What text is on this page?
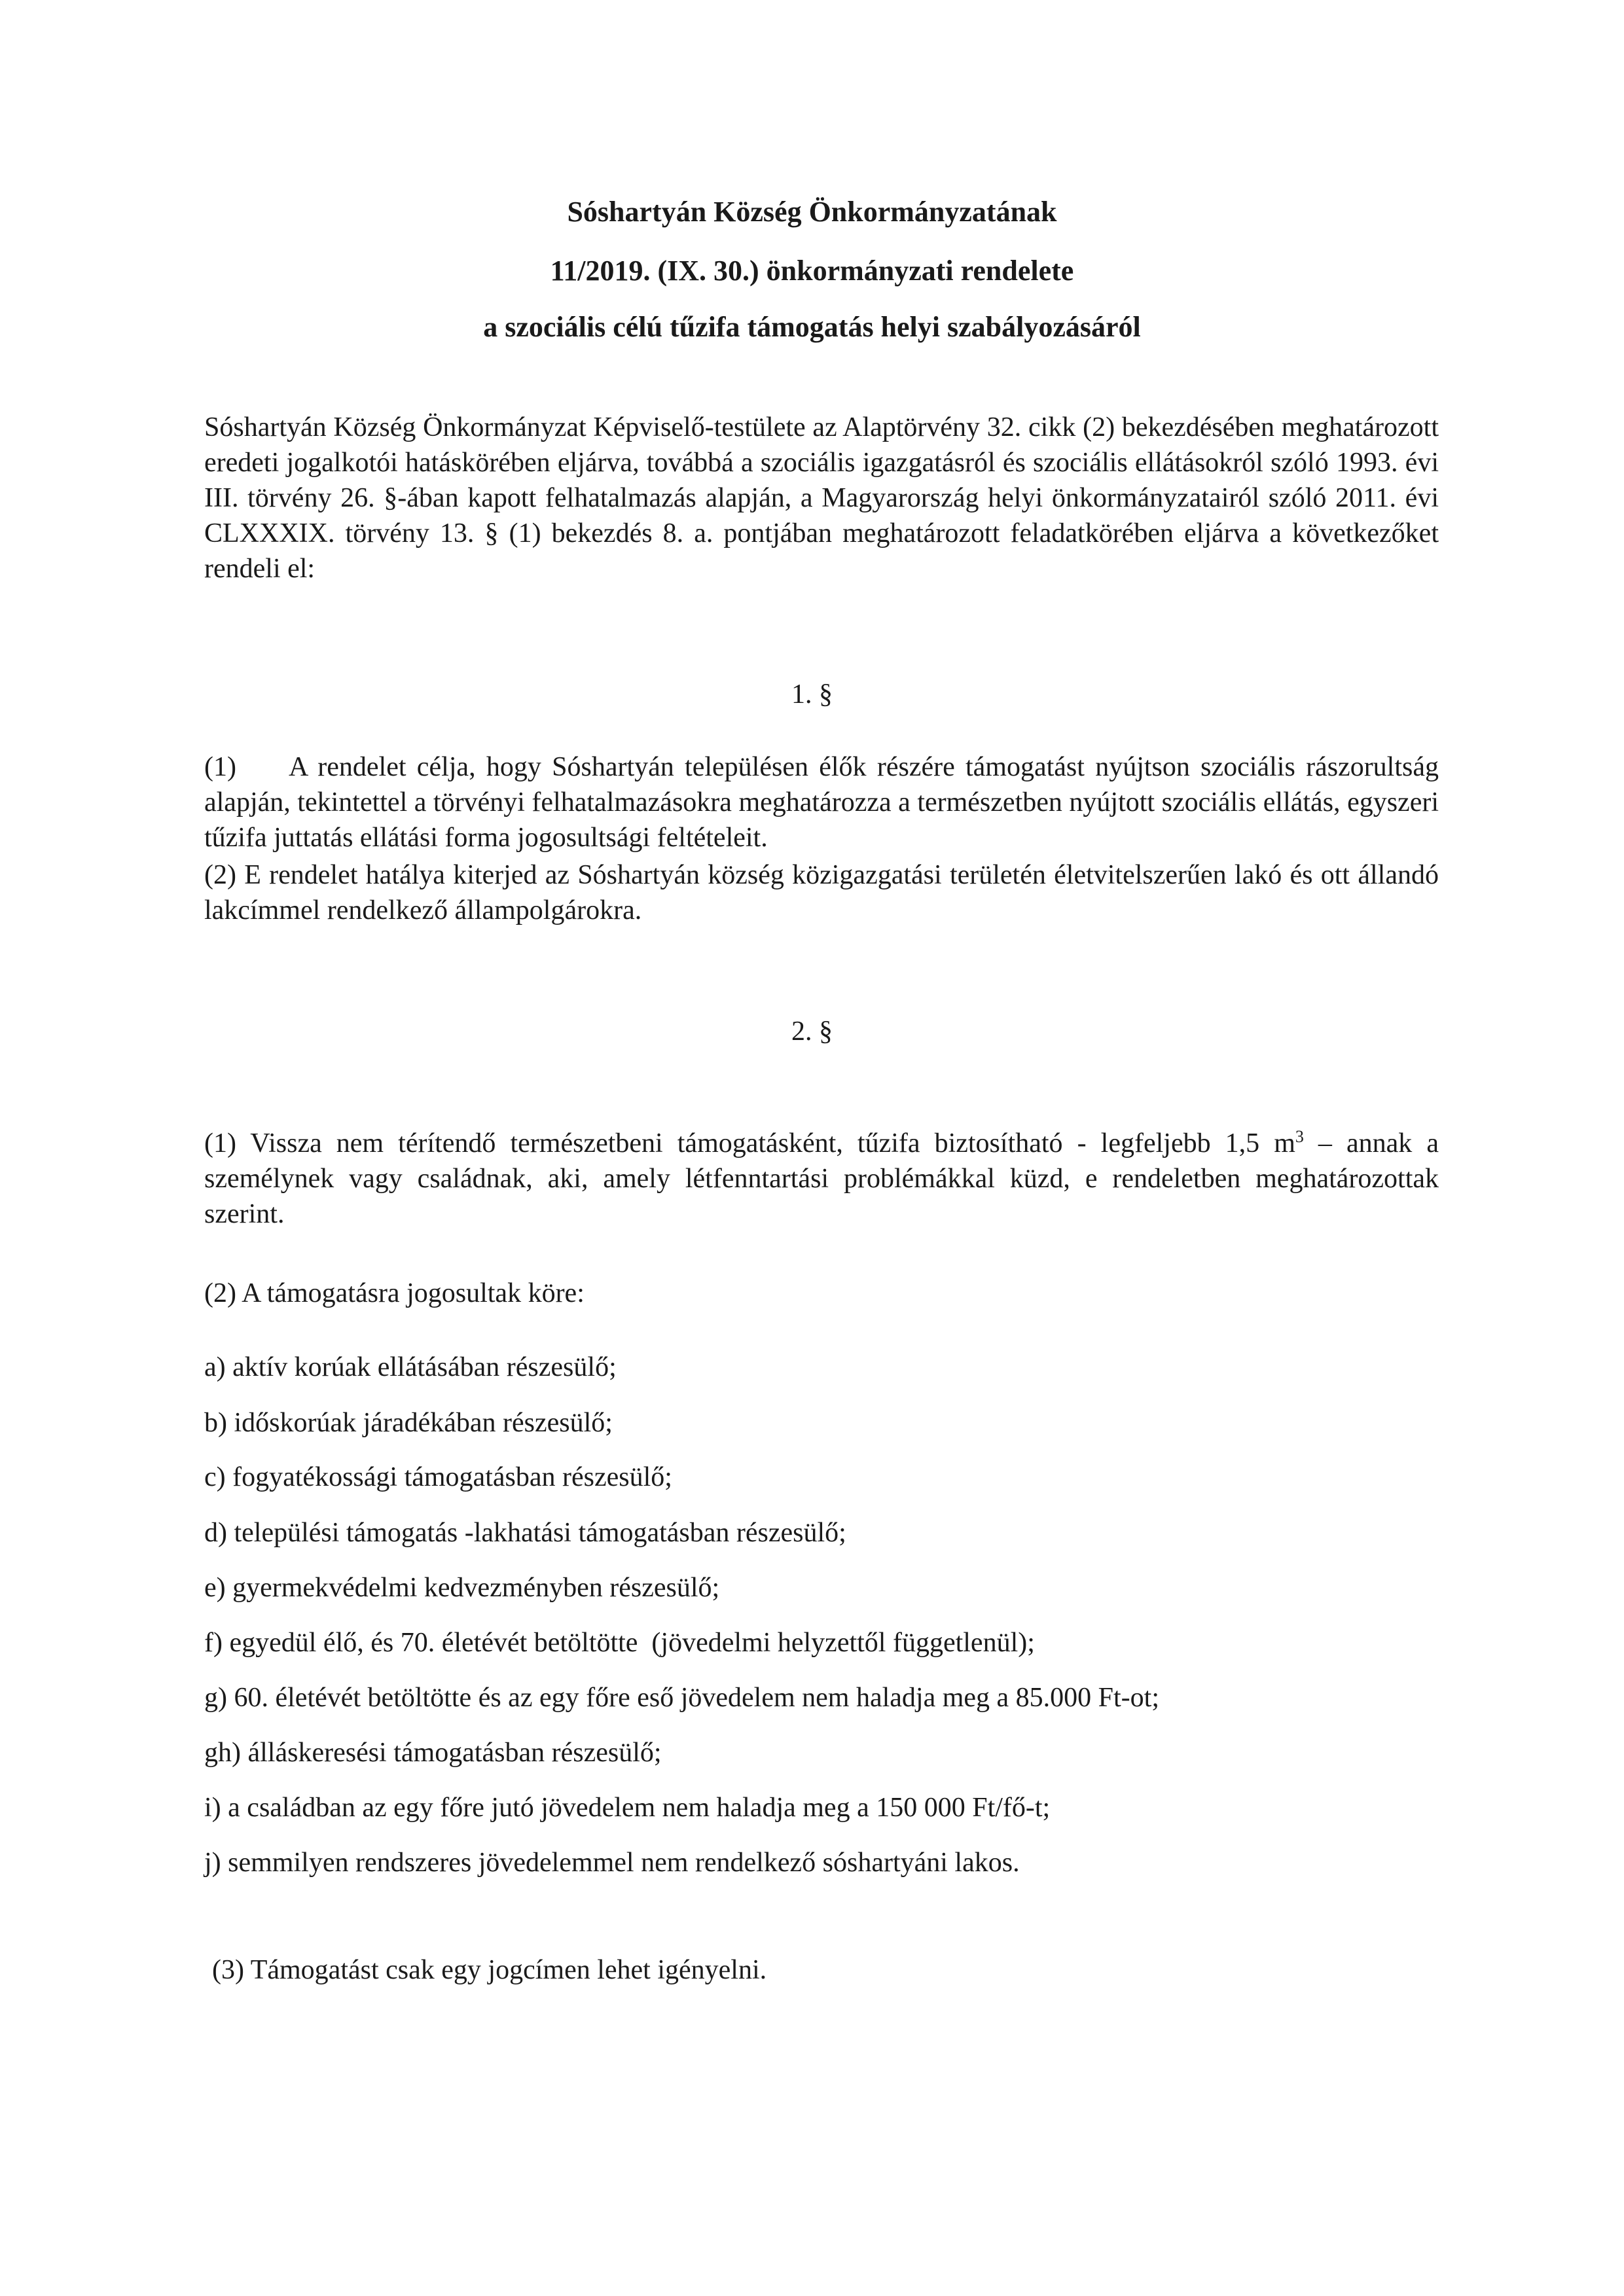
Sóshartyán Község Önkormányzatának
11/2019. (IX. 30.) önkormányzati rendelete
a szociális célú tűzifa támogatás helyi szabályozásáról
Sóshartyán Község Önkormányzat Képviselő-testülete az Alaptörvény 32. cikk (2) bekezdésében meghatározott eredeti jogalkotói hatáskörében eljárva, továbbá a szociális igazgatásról és szociális ellátásokról szóló 1993. évi III. törvény 26. §-ában kapott felhatalmazás alapján, a Magyarország helyi önkormányzatairól szóló 2011. évi CLXXXIX. törvény 13. § (1) bekezdés 8. a. pontjában meghatározott feladatkörében eljárva a következőket rendeli el:
1. §
(1) A rendelet célja, hogy Sóshartyán településen élők részére támogatást nyújtson szociális rászorultság alapján, tekintettel a törvényi felhatalmazásokra meghatározza a természetben nyújtott szociális ellátás, egyszeri tűzifa juttatás ellátási forma jogosultsági feltételeit.
(2) E rendelet hatálya kiterjed az Sóshartyán község közigazgatási területén életvitelszerűen lakó és ott állandó lakcímmel rendelkező állampolgárokra.
2. §
(1) Vissza nem térítendő természetbeni támogatásként, tűzifa biztosítható - legfeljebb 1,5 $m^3$ – annak a személynek vagy családnak, aki, amely létfenntartási problémákkal küzd, e rendeletben meghatározottak szerint.
(2) A támogatásra jogosultak köre:
a) aktív korúak ellátásában részesülő;
b) időskorúak járadékában részesülő;
c) fogyatékossági támogatásban részesülő;
d) települési támogatás -lakhatási támogatásban részesülő;
e) gyermekvédelmi kedvezményben részesülő;
f) egyedül élő, és 70. életévét betöltötte  (jövedelmi helyzettől függetlenül);
g) 60. életévét betöltötte és az egy főre eső jövedelem nem haladja meg a 85.000 Ft-ot;
gh) álláskeresési támogatásban részesülő;
i) a családban az egy főre jutó jövedelem nem haladja meg a 150 000 Ft/fő-t;
j) semmilyen rendszeres jövedelemmel nem rendelkező sóshartyáni lakos.
(3) Támogatást csak egy jogcímen lehet igényelni.
